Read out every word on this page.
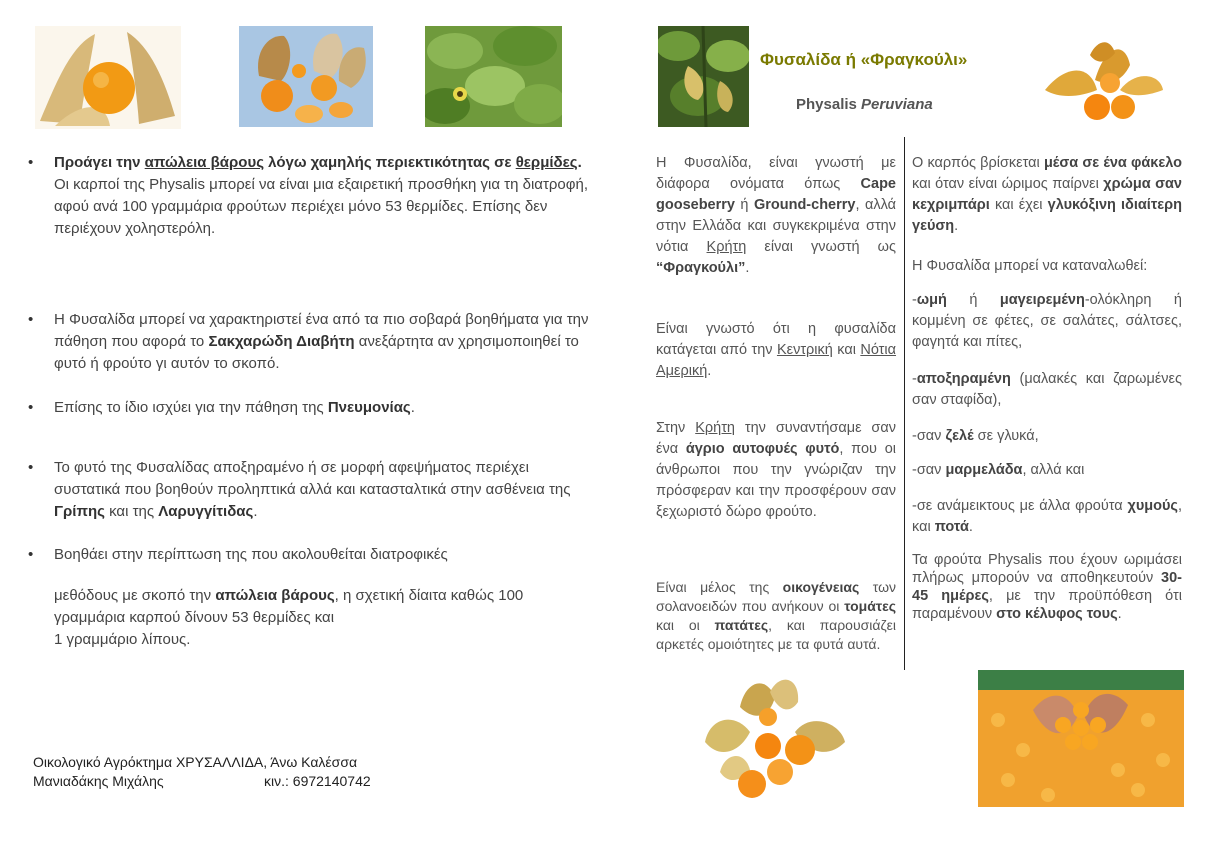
Φυσαλίδα ή «Φραγκούλι»
Physalis Peruviana
•	Προάγει την απώλεια βάρους λόγω χαμηλής περιεκτικότητας σε θερμίδες.
Οι καρποί της Physalis μπορεί να είναι μια εξαιρετική προσθήκη για τη διατροφή, αφού ανά 100 γραμμάρια φρούτων περιέχει μόνο 53 θερμίδες. Επίσης δεν περιέχουν χοληστερόλη.
•	Η Φυσαλίδα μπορεί να χαρακτηριστεί ένα από τα πιο σοβαρά βοηθήματα για την πάθηση που αφορά το Σακχαρώδη Διαβήτη ανεξάρτητα αν χρησιμοποιηθεί το φυτό ή φρούτο γι αυτόν το σκοπό.
•	Επίσης το ίδιο ισχύει για την πάθηση της Πνευμονίας.
•	Το φυτό της Φυσαλίδας αποξηραμένο ή σε μορφή αφεψήματος περιέχει συστατικά που βοηθούν προληπτικά αλλά και κατασταλτικά στην ασθένεια της Γρίπης και της Λαρυγγίτιδας.
•	Βοηθάει στην περίπτωση της που ακολουθείται διατροφικές
μεθόδους με σκοπό την απώλεια βάρους, η σχετική δίαιτα καθώς 100 γραμμάρια καρπού δίνουν 53 θερμίδες και
1 γραμμάριο λίπους.

Η Φυσαλίδα, είναι γνωστή με διάφορα ονόματα όπως Cape gooseberry ή Ground-cherry, αλλά στην Ελλάδα και συγκεκριμένα στην νότια Κρήτη είναι γνωστή ως “Φραγκούλι”.

Είναι γνωστό ότι η φυσαλίδα κατάγεται από την Κεντρική και Νότια Αμερική.

Στην Κρήτη την συναντήσαμε σαν ένα άγριο αυτοφυές φυτό, που οι άνθρωποι που την γνώριζαν την πρόσφεραν και την προσφέρουν σαν ξεχωριστό δώρο φρούτο.

Είναι μέλος της οικογένειας των σολανοειδών που ανήκουν οι τομάτες και οι πατάτες, και παρουσιάζει αρκετές ομοιότητες με τα φυτά αυτά.

Ο καρπός βρίσκεται μέσα σε ένα φάκελο και όταν είναι ώριμος παίρνει χρώμα σαν κεχριμπάρι και έχει γλυκόξινη ιδιαίτερη γεύση.

Η Φυσαλίδα μπορεί να καταναλωθεί:

-ωμή ή μαγειρεμένη-ολόκληρη ή κομμένη σε φέτες, σε σαλάτες, σάλτσες, φαγητά και πίτες,

-αποξηραμένη (μαλακές και ζαρωμένες σαν σταφίδα),

-σαν ζελέ σε γλυκά,

-σαν μαρμελάδα, αλλά και

-σε ανάμεικτους με άλλα φρούτα χυμούς, και ποτά.

Τα φρούτα Physalis που έχουν ωριμάσει πλήρως μπορούν να αποθηκευτούν 30-45 ημέρες, με την προϋπόθεση ότι παραμένουν στο κέλυφος τους.

Οικολογικό Αγρόκτημα ΧΡΥΣΑΛΛΙΔΑ, Άνω Καλέσσα
Μανιαδάκης Μιχάλης	κιν.: 6972140742
